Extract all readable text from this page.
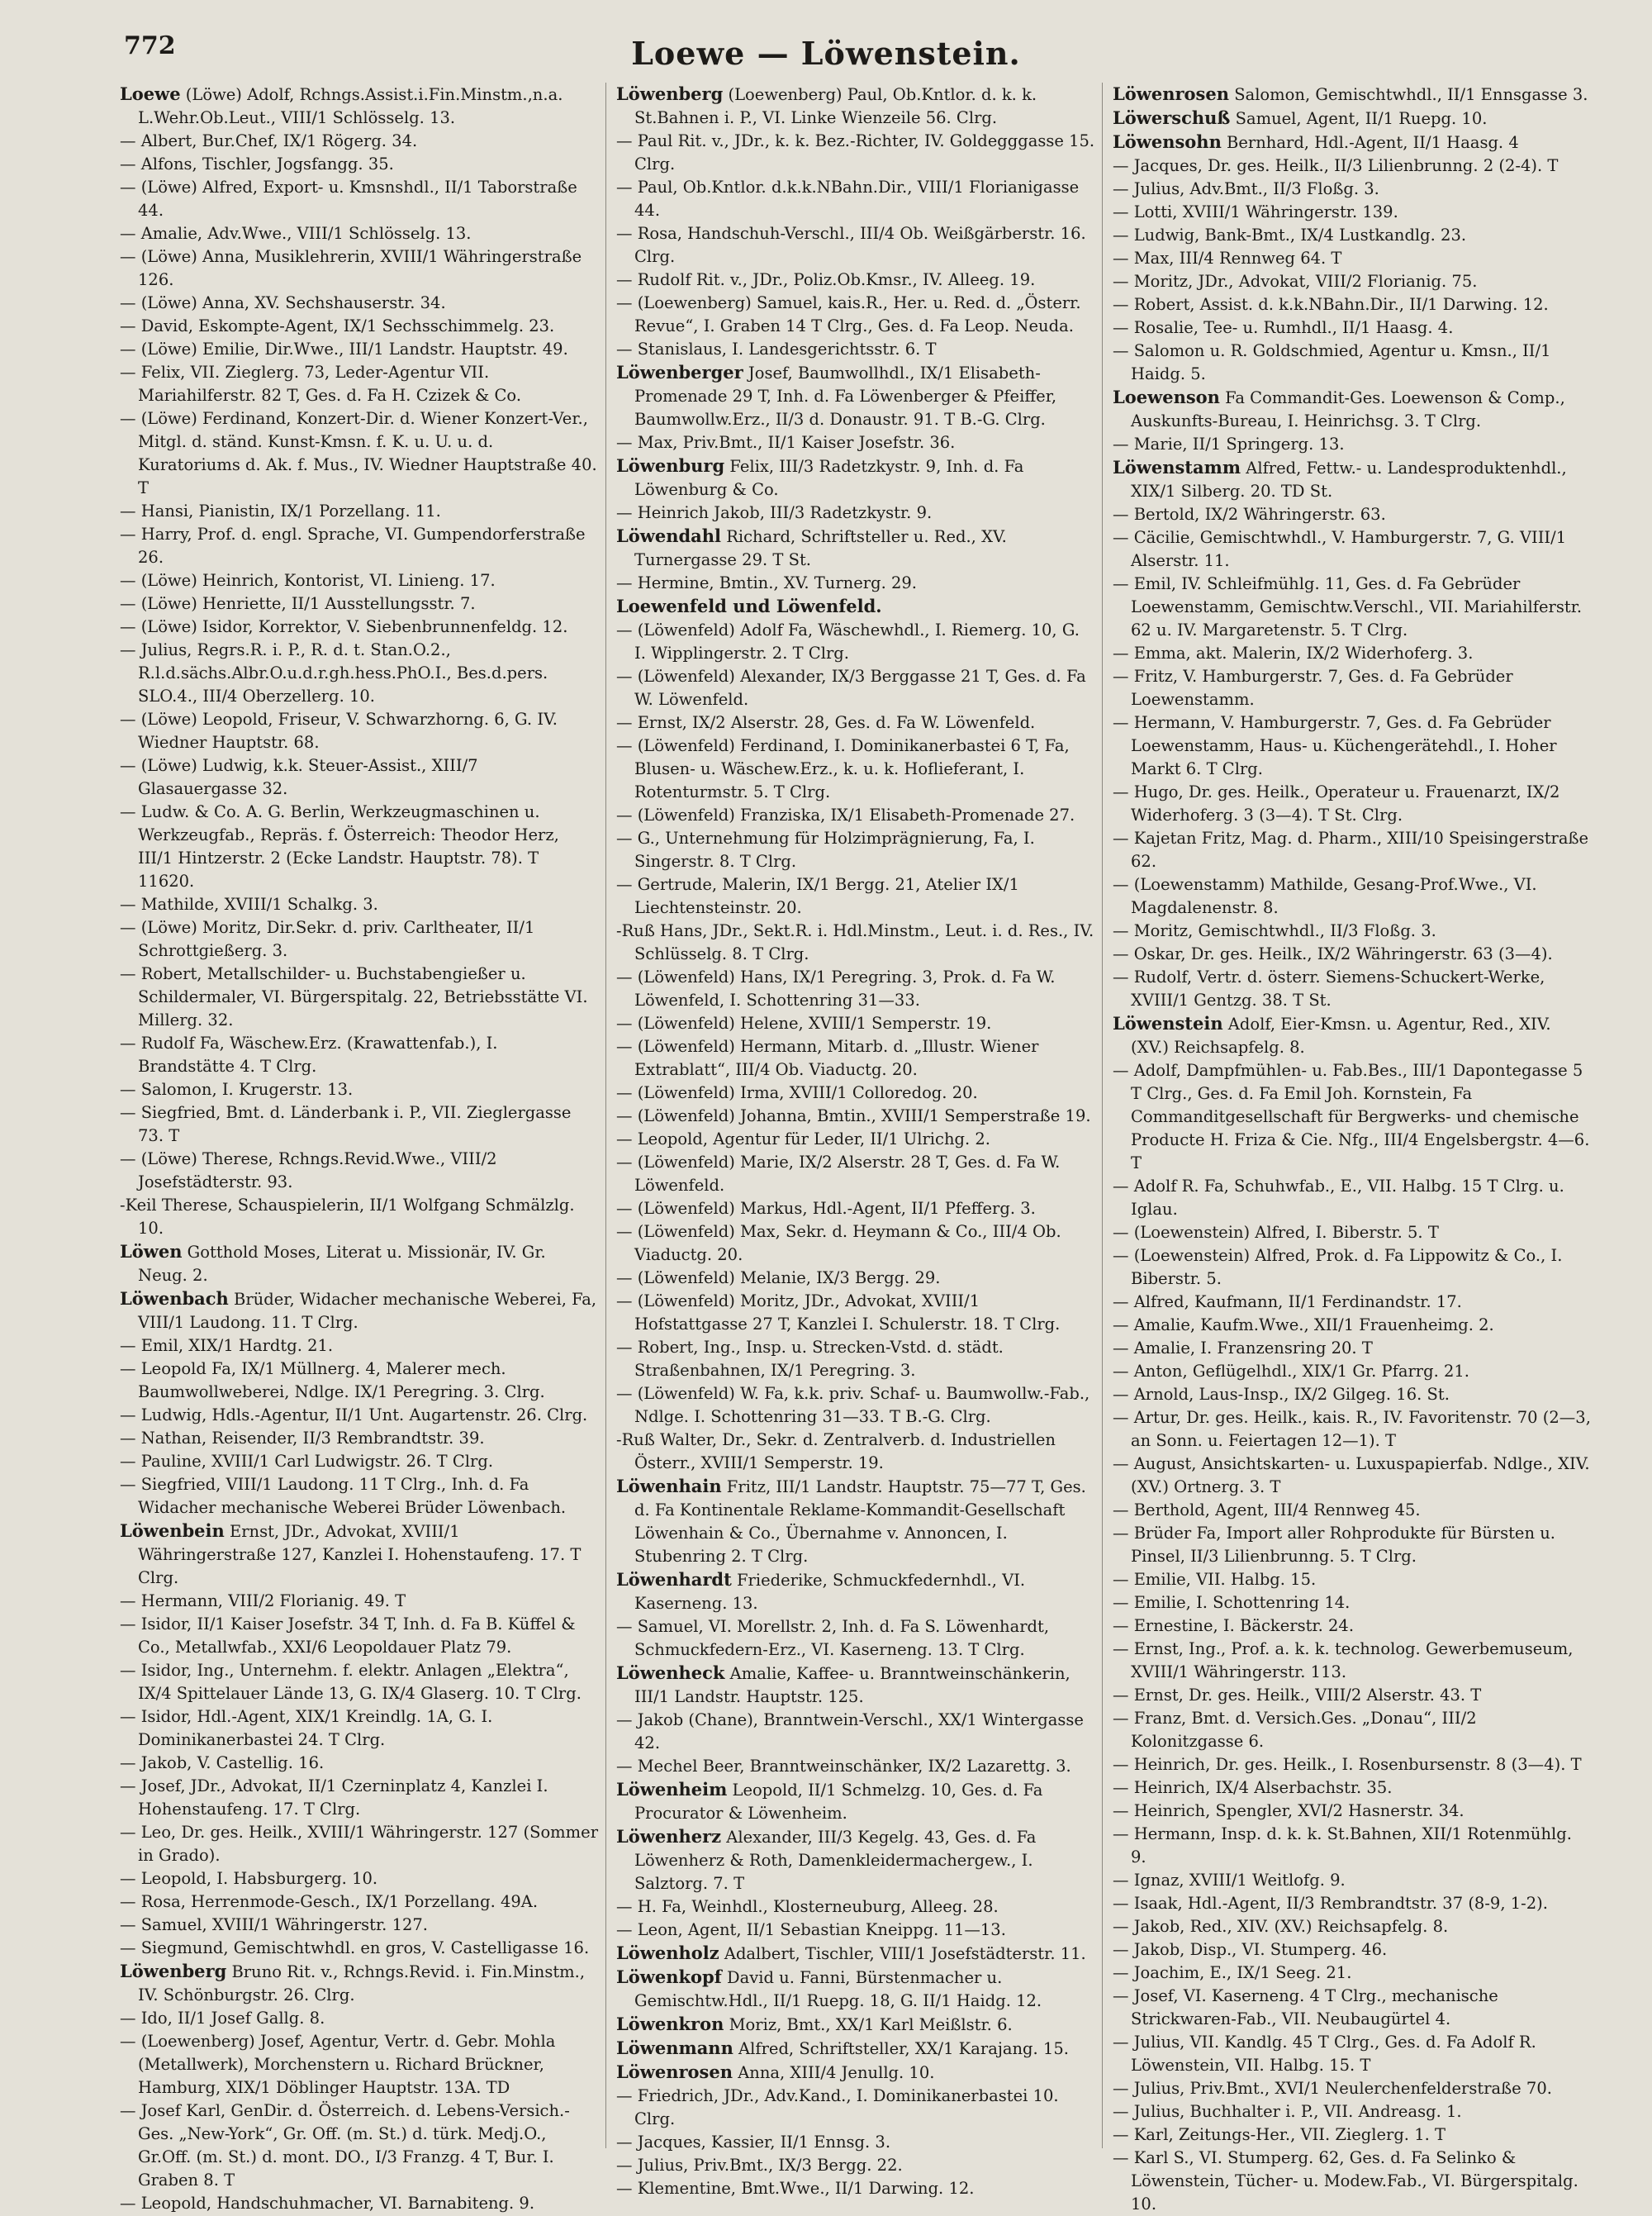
772	Loewe — Löwenstein.
Loewe (Löwe) Adolf, Rchngs.Assist.i.Fin.Minstm.,n.a. L.Wehr.Ob.Leut., VIII/1 Schlösselg. 13.
— Albert, Bur.Chef, IX/1 Rögerg. 34.
— Alfons, Tischler, Jogsfangg. 35.
— (Löwe) Alfred, Export- u. Kmsnshdl., II/1 Taborstraße 44.
— Amalie, Adv.Wwe., VIII/1 Schlösselg. 13.
— (Löwe) Anna, Musiklehrerin, XVIII/1 Währingerstraße 126.
— (Löwe) Anna, XV. Sechshauserstr. 34.
— David, Eskompte-Agent, IX/1 Sechsschimmelg. 23.
— (Löwe) Emilie, Dir.Wwe., III/1 Landstr. Hauptstr. 49.
— Felix, VII. Zieglerg. 73, Leder-Agentur VII. Mariahilferstr. 82 T, Ges. d. Fa H. Czizek & Co.
— (Löwe) Ferdinand, Konzert-Dir. d. Wiener Konzert-Ver., Mitgl. d. ständ. Kunst-Kmsn. f. K. u. U. u. d. Kuratoriums d. Ak. f. Mus., IV. Wiedner Hauptstraße 40. T
— Hansi, Pianistin, IX/1 Porzellang. 11.
— Harry, Prof. d. engl. Sprache, VI. Gumpendorferstraße 26.
— (Löwe) Heinrich, Kontorist, VI. Linieng. 17.
— (Löwe) Henriette, II/1 Ausstellungsstr. 7.
— (Löwe) Isidor, Korrektor, V. Siebenbrunnenfeldg. 12.
— Julius, Regrs.R. i. P., R. d. t. Stan.O.2., R.l.d.sächs.Albr.O.u.d.r.gh.hess.PhO.I., Bes.d.pers. SLO.4., III/4 Oberzellerg. 10.
— (Löwe) Leopold, Friseur, V. Schwarzhorng. 6, G. IV. Wiedner Hauptstr. 68.
— (Löwe) Ludwig, k.k. Steuer-Assist., XIII/7 Glasauergasse 32.
— Ludw. & Co. A. G. Berlin, Werkzeugmaschinen u. Werkzeugfab., Repräs. f. Österreich: Theodor Herz, III/1 Hintzerstr. 2 (Ecke Landstr. Hauptstr. 78). T 11620.
— Mathilde, XVIII/1 Schalkg. 3.
— (Löwe) Moritz, Dir.Sekr. d. priv. Carltheater, II/1 Schrottgießerg. 3.
— Robert, Metallschilder- u. Buchstabengießer u. Schildermaler, VI. Bürgerspitalg. 22, Betriebsstätte VI. Millerg. 32.
— Rudolf Fa, Wäschew.Erz. (Krawattenfab.), I. Brandstätte 4. T Clrg.
— Salomon, I. Krugerstr. 13.
— Siegfried, Bmt. d. Länderbank i. P., VII. Zieglergasse 73. T
— (Löwe) Therese, Rchngs.Revid.Wwe., VIII/2 Josefstädterstr. 93.
-Keil Therese, Schauspielerin, II/1 Wolfgang Schmälzlg. 10.
Löwen Gotthold Moses, Literat u. Missionär, IV. Gr. Neug. 2.
Löwenbach Brüder, Widacher mechanische Weberei, Fa, VIII/1 Laudong. 11. T Clrg.
— Emil, XIX/1 Hardtg. 21.
— Leopold Fa, IX/1 Müllnerg. 4, Malerer mech. Baumwollweberei, Ndlge. IX/1 Peregring. 3. Clrg.
— Ludwig, Hdls.-Agentur, II/1 Unt. Augartenstr. 26. Clrg.
— Nathan, Reisender, II/3 Rembrandtstr. 39.
— Pauline, XVIII/1 Carl Ludwigstr. 26. T Clrg.
— Siegfried, VIII/1 Laudong. 11 T Clrg., Inh. d. Fa Widacher mechanische Weberei Brüder Löwenbach.
Löwenbein Ernst, JDr., Advokat, XVIII/1 Währingerstraße 127, Kanzlei I. Hohenstaufeng. 17. T Clrg.
— Hermann, VIII/2 Florianig. 49. T
— Isidor, II/1 Kaiser Josefstr. 34 T, Inh. d. Fa B. Küffel & Co., Metallwfab., XXI/6 Leopoldauer Platz 79.
— Isidor, Ing., Unternehm. f. elektr. Anlagen „Elektra“, IX/4 Spittelauer Lände 13, G. IX/4 Glaserg. 10. T Clrg.
— Isidor, Hdl.-Agent, XIX/1 Kreindlg. 1A, G. I. Dominikanerbastei 24. T Clrg.
— Jakob, V. Castellig. 16.
— Josef, JDr., Advokat, II/1 Czerninplatz 4, Kanzlei I. Hohenstaufeng. 17. T Clrg.
— Leo, Dr. ges. Heilk., XVIII/1 Währingerstr. 127 (Sommer in Grado).
— Leopold, I. Habsburgerg. 10.
— Rosa, Herrenmode-Gesch., IX/1 Porzellang. 49A.
— Samuel, XVIII/1 Währingerstr. 127.
— Siegmund, Gemischtwhdl. en gros, V. Castelligasse 16.
Löwenberg Bruno Rit. v., Rchngs.Revid. i. Fin.Minstm., IV. Schönburgstr. 26. Clrg.
— Ido, II/1 Josef Gallg. 8.
— (Loewenberg) Josef, Agentur, Vertr. d. Gebr. Mohla (Metallwerk), Morchenstern u. Richard Brückner, Hamburg, XIX/1 Döblinger Hauptstr. 13A. TD
— Josef Karl, GenDir. d. Österreich. d. Lebens-Versich.-Ges. „New-York“, Gr. Off. (m. St.) d. türk. Medj.O., Gr.Off. (m. St.) d. mont. DO., I/3 Franzg. 4 T, Bur. I. Graben 8. T
— Leopold, Handschuhmacher, VI. Barnabiteng. 9.
Löwenberg (Loewenberg) Paul, Ob.Kntlor. d. k. k. St.Bahnen i. P., VI. Linke Wienzeile 56. Clrg.
— Paul Rit. v., JDr., k. k. Bez.-Richter, IV. Goldegggasse 15. Clrg.
— Paul, Ob.Kntlor. d.k.k.NBahn.Dir., VIII/1 Florianigasse 44.
— Rosa, Handschuh-Verschl., III/4 Ob. Weißgärberstr. 16. Clrg.
— Rudolf Rit. v., JDr., Poliz.Ob.Kmsr., IV. Alleeg. 19.
— (Loewenberg) Samuel, kais.R., Her. u. Red. d. „Österr. Revue“, I. Graben 14 T Clrg., Ges. d. Fa Leop. Neuda.
— Stanislaus, I. Landesgerichtsstr. 6. T
Löwenberger Josef, Baumwollhdl., IX/1 Elisabeth-Promenade 29 T, Inh. d. Fa Löwenberger & Pfeiffer, Baumwollw.Erz., II/3 d. Donaustr. 91. T B.-G. Clrg.
— Max, Priv.Bmt., II/1 Kaiser Josefstr. 36.
Löwenburg Felix, III/3 Radetzkystr. 9, Inh. d. Fa Löwenburg & Co.
— Heinrich Jakob, III/3 Radetzkystr. 9.
Löwendahl Richard, Schriftsteller u. Red., XV. Turnergasse 29. T St.
— Hermine, Bmtin., XV. Turnerg. 29.
Loewenfeld und Löwenfeld.
— (Löwenfeld) Adolf Fa, Wäschewhdl., I. Riemerg. 10, G. I. Wipplingerstr. 2. T Clrg.
— (Löwenfeld) Alexander, IX/3 Berggasse 21 T, Ges. d. Fa W. Löwenfeld.
— Ernst, IX/2 Alserstr. 28, Ges. d. Fa W. Löwenfeld.
— (Löwenfeld) Ferdinand, I. Dominikanerbastei 6 T, Fa, Blusen- u. Wäschew.Erz., k. u. k. Hoflieferant, I. Rotenturmstr. 5. T Clrg.
— (Löwenfeld) Franziska, IX/1 Elisabeth-Promenade 27.
— G., Unternehmung für Holzimprägnierung, Fa, I. Singerstr. 8. T Clrg.
— Gertrude, Malerin, IX/1 Bergg. 21, Atelier IX/1 Liechtensteinstr. 20.
-Ruß Hans, JDr., Sekt.R. i. Hdl.Minstm., Leut. i. d. Res., IV. Schlüsselg. 8. T Clrg.
— (Löwenfeld) Hans, IX/1 Peregring. 3, Prok. d. Fa W. Löwenfeld, I. Schottenring 31—33.
— (Löwenfeld) Helene, XVIII/1 Semperstr. 19.
— (Löwenfeld) Hermann, Mitarb. d. „Illustr. Wiener Extrablatt“, III/4 Ob. Viaductg. 20.
— (Löwenfeld) Irma, XVIII/1 Colloredog. 20.
— (Löwenfeld) Johanna, Bmtin., XVIII/1 Semperstraße 19.
— Leopold, Agentur für Leder, II/1 Ulrichg. 2.
— (Löwenfeld) Marie, IX/2 Alserstr. 28 T, Ges. d. Fa W. Löwenfeld.
— (Löwenfeld) Markus, Hdl.-Agent, II/1 Pfefferg. 3.
— (Löwenfeld) Max, Sekr. d. Heymann & Co., III/4 Ob. Viaductg. 20.
— (Löwenfeld) Melanie, IX/3 Bergg. 29.
— (Löwenfeld) Moritz, JDr., Advokat, XVIII/1 Hofstattgasse 27 T, Kanzlei I. Schulerstr. 18. T Clrg.
— Robert, Ing., Insp. u. Strecken-Vstd. d. städt. Straßenbahnen, IX/1 Peregring. 3.
— (Löwenfeld) W. Fa, k.k. priv. Schaf- u. Baumwollw.-Fab., Ndlge. I. Schottenring 31—33. T B.-G. Clrg.
-Ruß Walter, Dr., Sekr. d. Zentralverb. d. Industriellen Österr., XVIII/1 Semperstr. 19.
Löwenhain Fritz, III/1 Landstr. Hauptstr. 75—77 T, Ges. d. Fa Kontinentale Reklame-Kommandit-Gesellschaft Löwenhain & Co., Übernahme v. Annoncen, I. Stubenring 2. T Clrg.
Löwenhardt Friederike, Schmuckfedernhdl., VI. Kaserneng. 13.
— Samuel, VI. Morellstr. 2, Inh. d. Fa S. Löwenhardt, Schmuckfedern-Erz., VI. Kaserneng. 13. T Clrg.
Löwenheck Amalie, Kaffee- u. Branntweinschänkerin, III/1 Landstr. Hauptstr. 125.
— Jakob (Chane), Branntwein-Verschl., XX/1 Wintergasse 42.
— Mechel Beer, Branntweinschänker, IX/2 Lazarettg. 3.
Löwenheim Leopold, II/1 Schmelzg. 10, Ges. d. Fa Procurator & Löwenheim.
Löwenherz Alexander, III/3 Kegelg. 43, Ges. d. Fa Löwenherz & Roth, Damenkleidermachergew., I. Salztorg. 7. T
— H. Fa, Weinhdl., Klosterneuburg, Alleeg. 28.
— Leon, Agent, II/1 Sebastian Kneippg. 11—13.
Löwenholz Adalbert, Tischler, VIII/1 Josefstädterstr. 11.
Löwenkopf David u. Fanni, Bürstenmacher u. Gemischtw.Hdl., II/1 Ruepg. 18, G. II/1 Haidg. 12.
Löwenkron Moriz, Bmt., XX/1 Karl Meißlstr. 6.
Löwenmann Alfred, Schriftsteller, XX/1 Karajang. 15.
Löwenrosen Anna, XIII/4 Jenullg. 10.
— Friedrich, JDr., Adv.Kand., I. Dominikanerbastei 10. Clrg.
— Jacques, Kassier, II/1 Ennsg. 3.
— Julius, Priv.Bmt., IX/3 Bergg. 22.
— Klementine, Bmt.Wwe., II/1 Darwing. 12.
Löwenrosen Salomon, Gemischtwhdl., II/1 Ennsgasse 3.
Löwerschuß Samuel, Agent, II/1 Ruepg. 10.
Löwensohn Bernhard, Hdl.-Agent, II/1 Haasg. 4
— Jacques, Dr. ges. Heilk., II/3 Lilienbrunng. 2 (2-4). T
— Julius, Adv.Bmt., II/3 Floßg. 3.
— Lotti, XVIII/1 Währingerstr. 139.
— Ludwig, Bank-Bmt., IX/4 Lustkandlg. 23.
— Max, III/4 Rennweg 64. T
— Moritz, JDr., Advokat, VIII/2 Florianig. 75.
— Robert, Assist. d. k.k.NBahn.Dir., II/1 Darwing. 12.
— Rosalie, Tee- u. Rumhdl., II/1 Haasg. 4.
— Salomon u. R. Goldschmied, Agentur u. Kmsn., II/1 Haidg. 5.
Loewenson Fa Commandit-Ges. Loewenson & Comp., Auskunfts-Bureau, I. Heinrichsg. 3. T Clrg.
— Marie, II/1 Springerg. 13.
Löwenstamm Alfred, Fettw.- u. Landesproduktenhdl., XIX/1 Silberg. 20. TD St.
— Bertold, IX/2 Währingerstr. 63.
— Cäcilie, Gemischtwhdl., V. Hamburgerstr. 7, G. VIII/1 Alserstr. 11.
— Emil, IV. Schleifmühlg. 11, Ges. d. Fa Gebrüder Loewenstamm, Gemischtw.Verschl., VII. Mariahilferstr. 62 u. IV. Margaretenstr. 5. T Clrg.
— Emma, akt. Malerin, IX/2 Widerhoferg. 3.
— Fritz, V. Hamburgerstr. 7, Ges. d. Fa Gebrüder Loewenstamm.
— Hermann, V. Hamburgerstr. 7, Ges. d. Fa Gebrüder Loewenstamm, Haus- u. Küchengerätehdl., I. Hoher Markt 6. T Clrg.
— Hugo, Dr. ges. Heilk., Operateur u. Frauenarzt, IX/2 Widerhoferg. 3 (3—4). T St. Clrg.
— Kajetan Fritz, Mag. d. Pharm., XIII/10 Speisingerstraße 62.
— (Loewenstamm) Mathilde, Gesang-Prof.Wwe., VI. Magdalenenstr. 8.
— Moritz, Gemischtwhdl., II/3 Floßg. 3.
— Oskar, Dr. ges. Heilk., IX/2 Währingerstr. 63 (3—4).
— Rudolf, Vertr. d. österr. Siemens-Schuckert-Werke, XVIII/1 Gentzg. 38. T St.
Löwenstein Adolf, Eier-Kmsn. u. Agentur, Red., XIV. (XV.) Reichsapfelg. 8.
— Adolf, Dampfmühlen- u. Fab.Bes., III/1 Dapontegasse 5 T Clrg., Ges. d. Fa Emil Joh. Kornstein, Fa Commanditgesellschaft für Bergwerks- und chemische Producte H. Friza & Cie. Nfg., III/4 Engelsbergstr. 4—6. T
— Adolf R. Fa, Schuhwfab., E., VII. Halbg. 15 T Clrg. u. Iglau.
— (Loewenstein) Alfred, I. Biberstr. 5. T
— (Loewenstein) Alfred, Prok. d. Fa Lippowitz & Co., I. Biberstr. 5.
— Alfred, Kaufmann, II/1 Ferdinandstr. 17.
— Amalie, Kaufm.Wwe., XII/1 Frauenheimg. 2.
— Amalie, I. Franzensring 20. T
— Anton, Geflügelhdl., XIX/1 Gr. Pfarrg. 21.
— Arnold, Laus-Insp., IX/2 Gilgeg. 16. St.
— Artur, Dr. ges. Heilk., kais. R., IV. Favoritenstr. 70 (2—3, an Sonn. u. Feiertagen 12—1). T
— August, Ansichtskarten- u. Luxuspapierfab. Ndlge., XIV. (XV.) Ortnerg. 3. T
— Berthold, Agent, III/4 Rennweg 45.
— Brüder Fa, Import aller Rohprodukte für Bürsten u. Pinsel, II/3 Lilienbrunng. 5. T Clrg.
— Emilie, VII. Halbg. 15.
— Emilie, I. Schottenring 14.
— Ernestine, I. Bäckerstr. 24.
— Ernst, Ing., Prof. a. k. k. technolog. Gewerbemuseum, XVIII/1 Währingerstr. 113.
— Ernst, Dr. ges. Heilk., VIII/2 Alserstr. 43. T
— Franz, Bmt. d. Versich.Ges. „Donau“, III/2 Kolonitzgasse 6.
— Heinrich, Dr. ges. Heilk., I. Rosenbursenstr. 8 (3—4). T
— Heinrich, IX/4 Alserbachstr. 35.
— Heinrich, Spengler, XVI/2 Hasnerstr. 34.
— Hermann, Insp. d. k. k. St.Bahnen, XII/1 Rotenmühlg. 9.
— Ignaz, XVIII/1 Weitlofg. 9.
— Isaak, Hdl.-Agent, II/3 Rembrandtstr. 37 (8-9, 1-2).
— Jakob, Red., XIV. (XV.) Reichsapfelg. 8.
— Jakob, Disp., VI. Stumperg. 46.
— Joachim, E., IX/1 Seeg. 21.
— Josef, VI. Kaserneng. 4 T Clrg., mechanische Strickwaren-Fab., VII. Neubaugürtel 4.
— Julius, VII. Kandlg. 45 T Clrg., Ges. d. Fa Adolf R. Löwenstein, VII. Halbg. 15. T
— Julius, Priv.Bmt., XVI/1 Neulerchenfelderstraße 70.
— Julius, Buchhalter i. P., VII. Andreasg. 1.
— Karl, Zeitungs-Her., VII. Zieglerg. 1. T
— Karl S., VI. Stumperg. 62, Ges. d. Fa Selinko & Löwenstein, Tücher- u. Modew.Fab., VI. Bürgerspitalg. 10.
